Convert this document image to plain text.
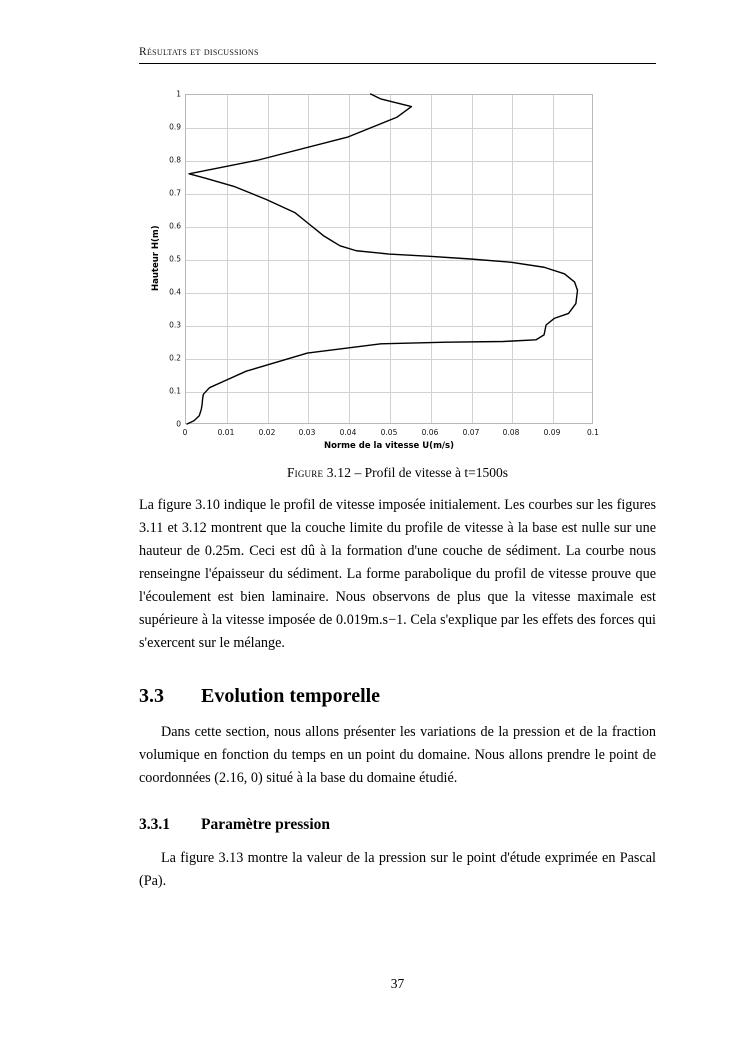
Résultats et discussions
0	0.01	0.02	0.03	0.04	0.05	0.06	0.07	0.08	0.09	0.1
0
0.1
0.2
0.3
0.4
0.5
0.6
0.7
0.8
0.9
1
Norme de la vitesse U(m/s)
Hauteur H(m)
Figure 3.12 – Profil de vitesse à t=1500s

La figure 3.10 indique le profil de vitesse imposée initialement. Les courbes sur les figures 3.11 et 3.12 montrent que la couche limite du profile de vitesse à la base est nulle sur une hauteur de 0.25m. Ceci est dû à la formation d'une couche de sédiment. La courbe nous renseingne l'épaisseur du sédiment. La forme parabolique du profil de vitesse prouve que l'écoulement est bien laminaire. Nous observons de plus que la vitesse maximale est supérieure à la vitesse imposée de 0.019m.s−1. Cela s'explique par les effets des forces qui s'exercent sur le mélange.

3.3 Evolution temporelle

Dans cette section, nous allons présenter les variations de la pression et de la fraction volumique en fonction du temps en un point du domaine. Nous allons prendre le point de coordonnées (2.16, 0) situé à la base du domaine étudié.

3.3.1 Paramètre pression

La figure 3.13 montre la valeur de la pression sur le point d'étude exprimée en Pascal (Pa).

37
